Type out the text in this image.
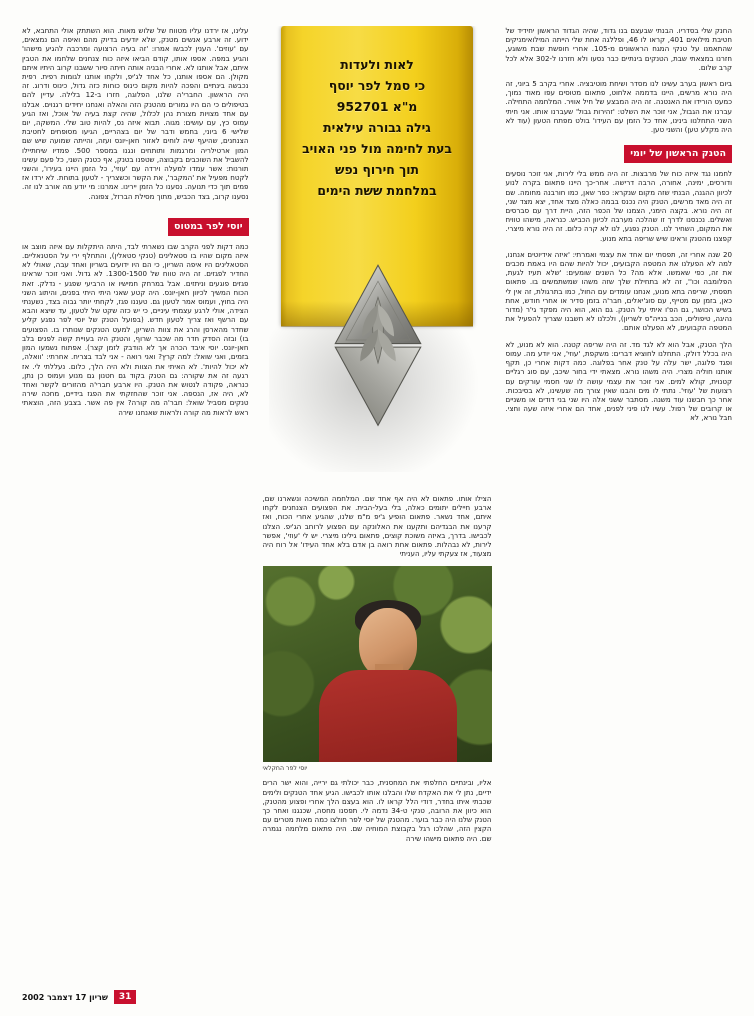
עלינו, אז ירדנו עליו מטווח של שלוש מאות. הוא השתתק אולי התחבא, לא ידוע. זה ארבע אנשים מטנק, שלא יודעים בדיוק מהם ואיפה הם נמצאים, עם 'עוזים'. הענין לכבשו אמרו: 'זה בעיה הרצועה ומרכבה להגיע מישהו' והגיע במפה. אספו אותו, קודם הביאו איזה כוח צנחנים שלחמו את הטבין איתם, אבל אותנו לא. אחרי הבניה אותה חיתה סיור ששבנו קרוב היתיו איתם מקולן. הם אספו אותנו, כל אחד לג'יפ, ולקחו אותנו לגומות רפית. רפית נכבשה בינתיים והפכה להיות מקום כינוס כוחות כזה גדול, כינוס ודרוג. זה היה הראשון. החברי'ה שלנו, הפלוגה, חזרו ב-12 בלילה. עדיין להם בטיפולים כי הם היו גמורים מהטנק הזה והאלה ואנחנו יחידים רגנוים. אבלנו עם אחד מצויות מצורת נהן לכלול, שהיה קצת בעיה של אוכל, ואז הגיע עמוס כץ, עם עושים: מגוה. תבוא איזה נס, להיות טוב שלי. המשקה, יום שלישי 6 ביוני, בחמש ודבר של יום בצהריים, הגיעו מסופחים לחטיבת הצנחנים, שהיעף שיה לוחים לאזור חאן-יונס ועזה, והייתה שמועה שיש שם המון ארטילריה ומרגמות ותותחים ונגנו במספר 500. פמדיו שיחתיילו להשביל את השוכבים בקבוצה, שטפנו בטנק, אף כטנק השני, כל פעם עשינו תורנות: אשר עמדו למעלה וירדה עם 'עוזי', כל הזמן היינו בעירו', והשני לקטח מפעיל את 'המקבר', את הקשר וכשצריך - לטעון בתוחת. לא ירדו אז פמים תוך כדי תנועה. נסענו כל הזמן יירינו. אמרנו: מי יודע מה אורב לנו זה. נסענו קרוב, בצד הכביש, מתוך מסילת הברזל, צפונה.

יוסי לפר במטוס

כמה דקות לפני הקרב שבו נשארתי לבד, היתה היתקלות עם איזה מוצב או איזה מקום שהיו בו סטאלינים (טנקי סטאלין), והתחלף ירי על הסטנאליים. הסטאלינים היו איפה השריון, כי הם היו ידועים בשריון ואחד עבה, שאולי לא החדיר לפגזים. זה היה טווח של 1300-1500. לא גדול. ואני זוכר שראינו פגזים פוגעים וניתזים. אבל במרחק חמישיו או הרביעי שפגע - נדלק. זאת הכוח המשיך לכיוון חאן-יונס. היה קטע שאני היתי היתי בפנים, והיתוג השני היה בחוץ, ועמוס אמר לטעון גם. טעננו פגז, לקחתי יותר גבוה בצד, נשענתי הצידה, אולי לרגע עצמתי עיניים, כי יש כזה שקט של לטעון, עד שיצא והבא עם הרשף ואז צריך לטעון חדש. (בפועל הטנק של יוסי לפר נפגע קליע שחדר מהארסן והרג את צוות השריון, למעט הטנקים שנותרו בו. הפצועים בו) ובזה הסדק חדר מה שכבר שרוף, והטנק היה בעויית קשה לפנים בלב חאן-יונס. יוסי איבד הכרה אך לא הודבק לזמן קצר). אפתוח נשמעו המון בזמים, ואני שואל: למה קרץ? ואני רואה - אני לבד בצריח. אחרתי: 'וואלה, לא יכול להיות'. לא האיתי את הצוות ולא היה הלך, כלום. נעללתי לי. אז רגעה זה את שקורה: גם הטנק בקוד גם חטנון גם מנוע ועמוס כן נתן, כנראה, פקודה לנטוש את הטנק. היו ארבע חברי'ה מהזורים לקשר ואחד לא, היה אז, הנספה. אני זוכר שהחזקתי את הפגז בידיים, מחכה שירה טנקים מסביל שואל: חבר'ה מה קורה? אין פה אשר. בצבע הזה, הוצאתי ראש לראות מה קורה ולראות שאנחנו שירה

לאות ולעדות
כי סמל לפר יוסף
מ"א 952701
גילה גבורה עילאית
בעת לחימה מול פני האויב
תוך חירוף נפש
במלחמת ששת הימים

הצילו אותו. פתאום לא היה אף אחד שם. המלחמה המשיכה ונשארנו שם, ארבע חיילים יתומים כאלה, בלי בעל-הבית. את הפצועים הצנחנים לקחו איתם, אחד נשאר. פתאום הופיע ג'יפ מ"מ שלנו, שהגיע אחרי הכוח, ואז קרענו את הבגדיהם ותקענו את האלונקה עם הפצוע לרוחב הג'יפ. הצלנו לכבישו. בדרך, באיזה משוכת קוצים, פתאום גילינו מיצרי. יש לי 'עוזי', אפשר לירות, לא נבהלות. פתאום אחת רואה בן אדם בלא אחד העידו' אל רוח היה מצעוד, אז צעקתי עליו, העניתי

יוסי לפר החקלאי

אליו, ובינתיים החלפתי את המחסנית, כבר יכולתי גם ירייה, והוא ישר הרים ידיים, נתן לי את האקדח שלו והבלנו אותו לכבישו. הגיע אחד הטנקים ולימים שכבתי איתו בחדר, דודי הלל קראו לו. הוא בעצם הלך אחרי ופצוע מהטנק, הוא כיוון את הרובה, טנקי ט-34 נדמה לי. תפסנו מחסה, שכנגנו ואחר כך הטנק שלנו היה כבר בוער. מהטנק של יוסי לפר חולצו כמה מאות מטרים עם הקצין הזה, שהלכו רגל בקבוצת המוחיה שם. היה פתאום מלחמה נגמרה שם. היה פתאום מישהו שירה

החנק שלי בסדריו. הבנתי שבעצם בנו גדוד, שהיה הגדוד הראשון יחידיד של חטיבת מילואים 401, קראו לו 46, ופללגה אחת שלי הייתה המילואימניקים שהתאמנו על טנקי המגח הראשונים מ-105. אחרי חופשת שבת משוגע, חזרנו במצאתי שבת, הטנקים בינתיים כבר נסעו ולא חזרנו ל-302 אלא לכל קרב שלום.

ביום ראשון בערב עשינו לנו מסדר ושיחת מוטיבציה. אחרי בקרב 5 ביוני, זה היה נורא מרשים, היינו בדממה אלחוט, פתאום מטוסים עפו מאוד נמוך, כמעט הורידו את האנטנה. זה היה המבצע של חיל אוויר. המלחמה התחילה. עברנו את הגבול, אני זוכר את השלט: 'זהירות גבול' שעברנו אותו. אני חיתי השני התחלנוו בינינו, אחד כל הזמן עם העידו' בולט מפתח הטעון (עוד לא היה מקלע טען) והשני טען.

הטנק הראשון של יומי

לחמנו נגד איזה כוח של מרבצות. זה היה ממש בלי לירות, אני זוכר נוסעים ודורסים, ימינה, אחורה, הרבה דרישה. אחר-כך היינו פתאום בקרה לנוע לכיוון ההגנה, הבנתי שזה מקום שנקרא: כפר שאן, כמו חורבנה מחומה. שם זה היה מאד מרשים, הטנק היה נכנס בבמה כאלה מצד אחד, יצא מצד שני, זה היה נורא. בקצה הימני, הצמנו של הכפר הזה, היית דרך עם סברסים ואשלים. נכנסנו לדרך זו שהלכה מערבה לכיוון הכביש. כנראה, מישהו טוויח את המקום, השחיר לנו. הטנק נפגע, לנו לא קרה כלום. זה היה נורא מיצרי. קפצנו מהטנק וראינו שיש שריפה בתא מנוע.

20 שנה אחרי זה, תפסתי יום אחד את עצמי ואמרתי: 'איזה אידיוטים אנחנו, למה לא הפעלנו את המטפה הקבועים, יכול להיות שהם היו באמת מכבים את זה, כפי שאמשו. אלא מה? כל השנים שומעים: 'שלא תעיז לגעת, הפלומבה וכו'', זה לא בתחילת שלך שזה משהו שמשתמשים בו. פתאום תפסתי, שריפה בתא מנוע, אנחנו עומדים עם החול, כמו בתרגולת, זה אין לי כאן, בזמן עם מטייף, עם סוג'יאלים, חבר'ה בזמן סדיר או אחרי חודש, אחת בשיש הכושר, גם הפ'ו איתי על הטנק. גם הוא, הוא היה מפקד גי'ר (מדור נהיגה, טיפולים, הכב בנייה"ס לשריון), ולכלנו לא חשבנו שצריך להפעיל את המטפה הקבועים, לא הפעלנו אותם.

הלך הטנק, אבל הוא לא לגד מד. זה היה שריפה קטנה. הוא לא מנוע, לא היה בכלל דולק. התחלנו לחוציא דברים: משקפת, 'עוזי', אני יודע מה. עמוס ופגד פלוגה, ישר עלה על טנק אחר בפלוגה. כמה דקות אחרי כן, תקף אותנו חוליה מצרי. היה משהו נורא. מצאתי ידי בחור שיכב, עם סוג רגליים קטנוית, קולא למים. אני זוכר את עצמי עושה לו שני חסמי עורקים עם רצועות של 'עוזי'. נתתי לו מים והבנו שאין צורך מה שעשינו, לא בסיבכות. אחר כך חבשנו עוד משנה. מסתבר ששני אלה היו שני בני דודים או משניים או קרובים של רפול. עשיו לנו פיני לפנים, אחד הם אחרי איזה שעה וחצי. חבל נורא, לא

31
שריון 17 דצמבר 2002
